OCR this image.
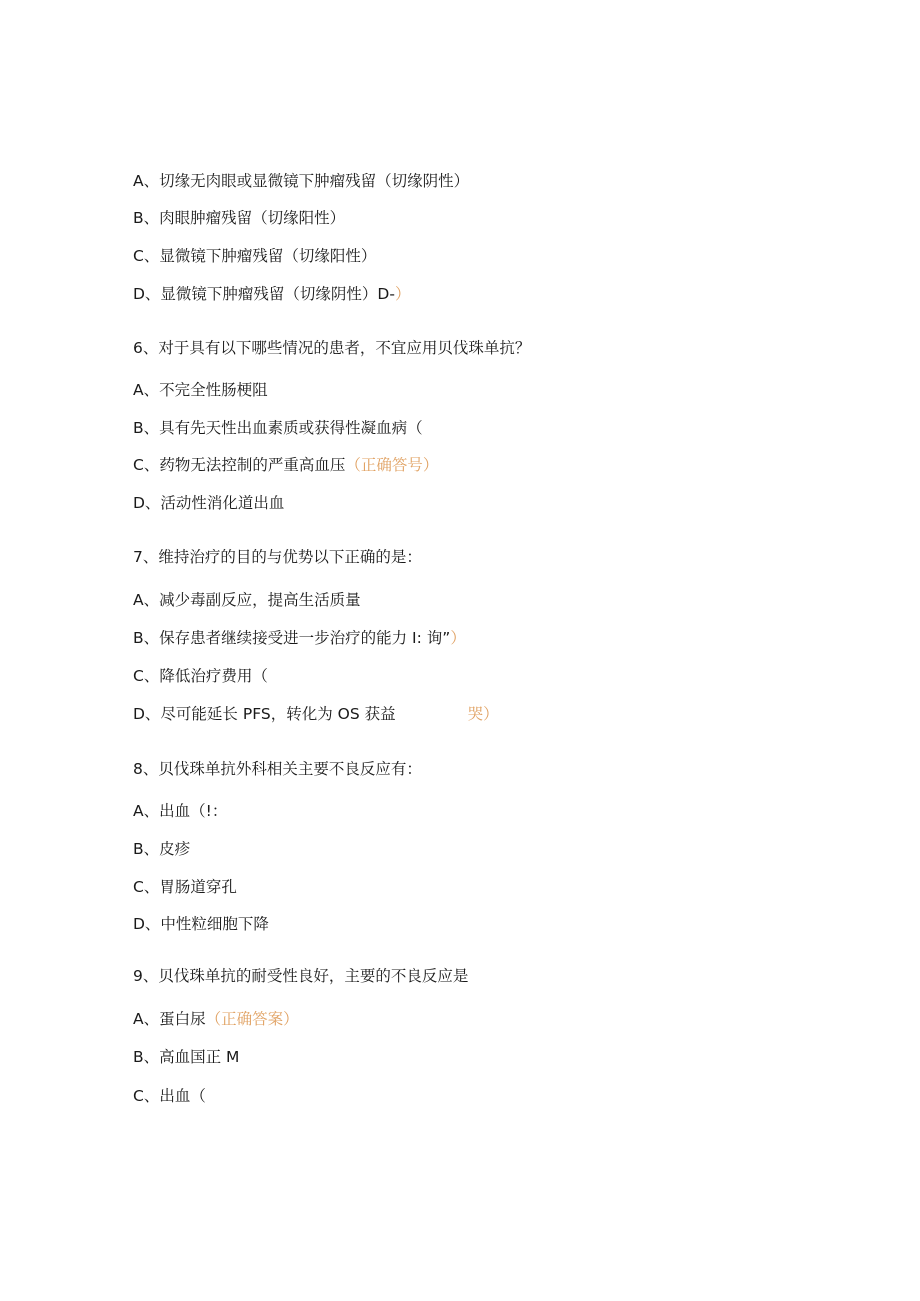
A、切缘无肉眼或显微镜下肿瘤残留（切缘阴性）
B、肉眼肿瘤残留（切缘阳性）
C、显微镜下肿瘤残留（切缘阳性）
D、显微镜下肿瘤残留（切缘阴性）D-）
6、对于具有以下哪些情况的患者，不宜应用贝伐珠单抗？
A、不完全性肠梗阻
B、具有先天性出血素质或获得性凝血病（
C、药物无法控制的严重高血压（正确答号）
D、活动性消化道出血
7、维持治疗的目的与优势以下正确的是：
A、减少毒副反应，提高生活质量
B、保存患者继续接受进一步治疗的能力 I: 询”）
C、降低治疗费用（
D、尽可能延长 PFS，转化为 OS 获益	哭）
8、贝伐珠单抗外科相关主要不良反应有：
A、出血（!：
B、皮疹
C、胃肠道穿孔
D、中性粒细胞下降
9、贝伐珠单抗的耐受性良好，主要的不良反应是
A、蛋白尿（正确答案）
B、高血国正 M
C、出血（
